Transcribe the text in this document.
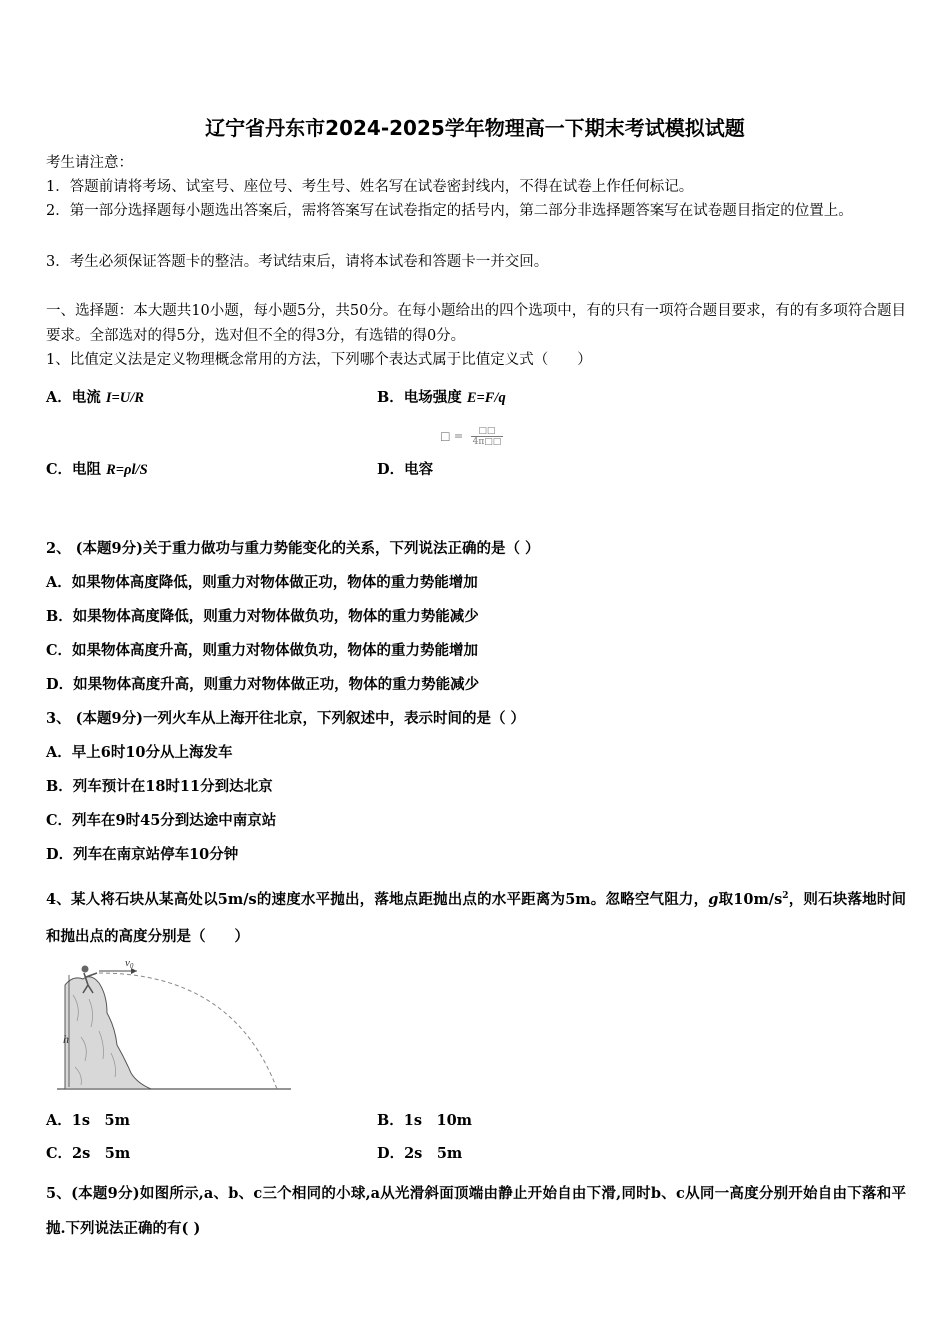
辽宁省丹东市2024-2025学年物理高一下期末考试模拟试题
考生请注意：
1．答题前请将考场、试室号、座位号、考生号、姓名写在试卷密封线内，不得在试卷上作任何标记。
2．第一部分选择题每小题选出答案后，需将答案写在试卷指定的括号内，第二部分非选择题答案写在试卷题目指定的位置上。
3．考生必须保证答题卡的整洁。考试结束后，请将本试卷和答题卡一并交回。
一、选择题：本大题共10小题，每小题5分，共50分。在每小题给出的四个选项中，有的只有一项符合题目要求，有的有多项符合题目要求。全部选对的得5分，选对但不全的得3分，有选错的得0分。
1、比值定义法是定义物理概念常用的方法，下列哪个表达式属于比值定义式（　　）
A．电流 I=U/R	B．电场强度 E=F/q
□ = $\frac{□□}{4\pi□□}$
C．电阻 R=ρl/S	D．电容
2、 (本题9分)关于重力做功与重力势能变化的关系，下列说法正确的是（ ）
A．如果物体高度降低，则重力对物体做正功，物体的重力势能增加
B．如果物体高度降低，则重力对物体做负功，物体的重力势能减少
C．如果物体高度升高，则重力对物体做负功，物体的重力势能增加
D．如果物体高度升高，则重力对物体做正功，物体的重力势能减少
3、 (本题9分)一列火车从上海开往北京，下列叙述中，表示时间的是（ ）
A．早上6时10分从上海发车
B．列车预计在18时11分到达北京
C．列车在9时45分到达途中南京站
D．列车在南京站停车10分钟
4、某人将石块从某高处以5m/s的速度水平抛出，落地点距抛出点的水平距离为5m。忽略空气阻力，g取$10m/s^2$，则石块落地时间和抛出点的高度分别是（　　）
v0
h
A．1s　5m	B．1s　10m
C．2s　5m	D．2s　5m
5、(本题9分)如图所示,a、b、c三个相同的小球,a从光滑斜面顶端由静止开始自由下滑,同时b、c从同一高度分别开始自由下落和平抛.下列说法正确的有( )
